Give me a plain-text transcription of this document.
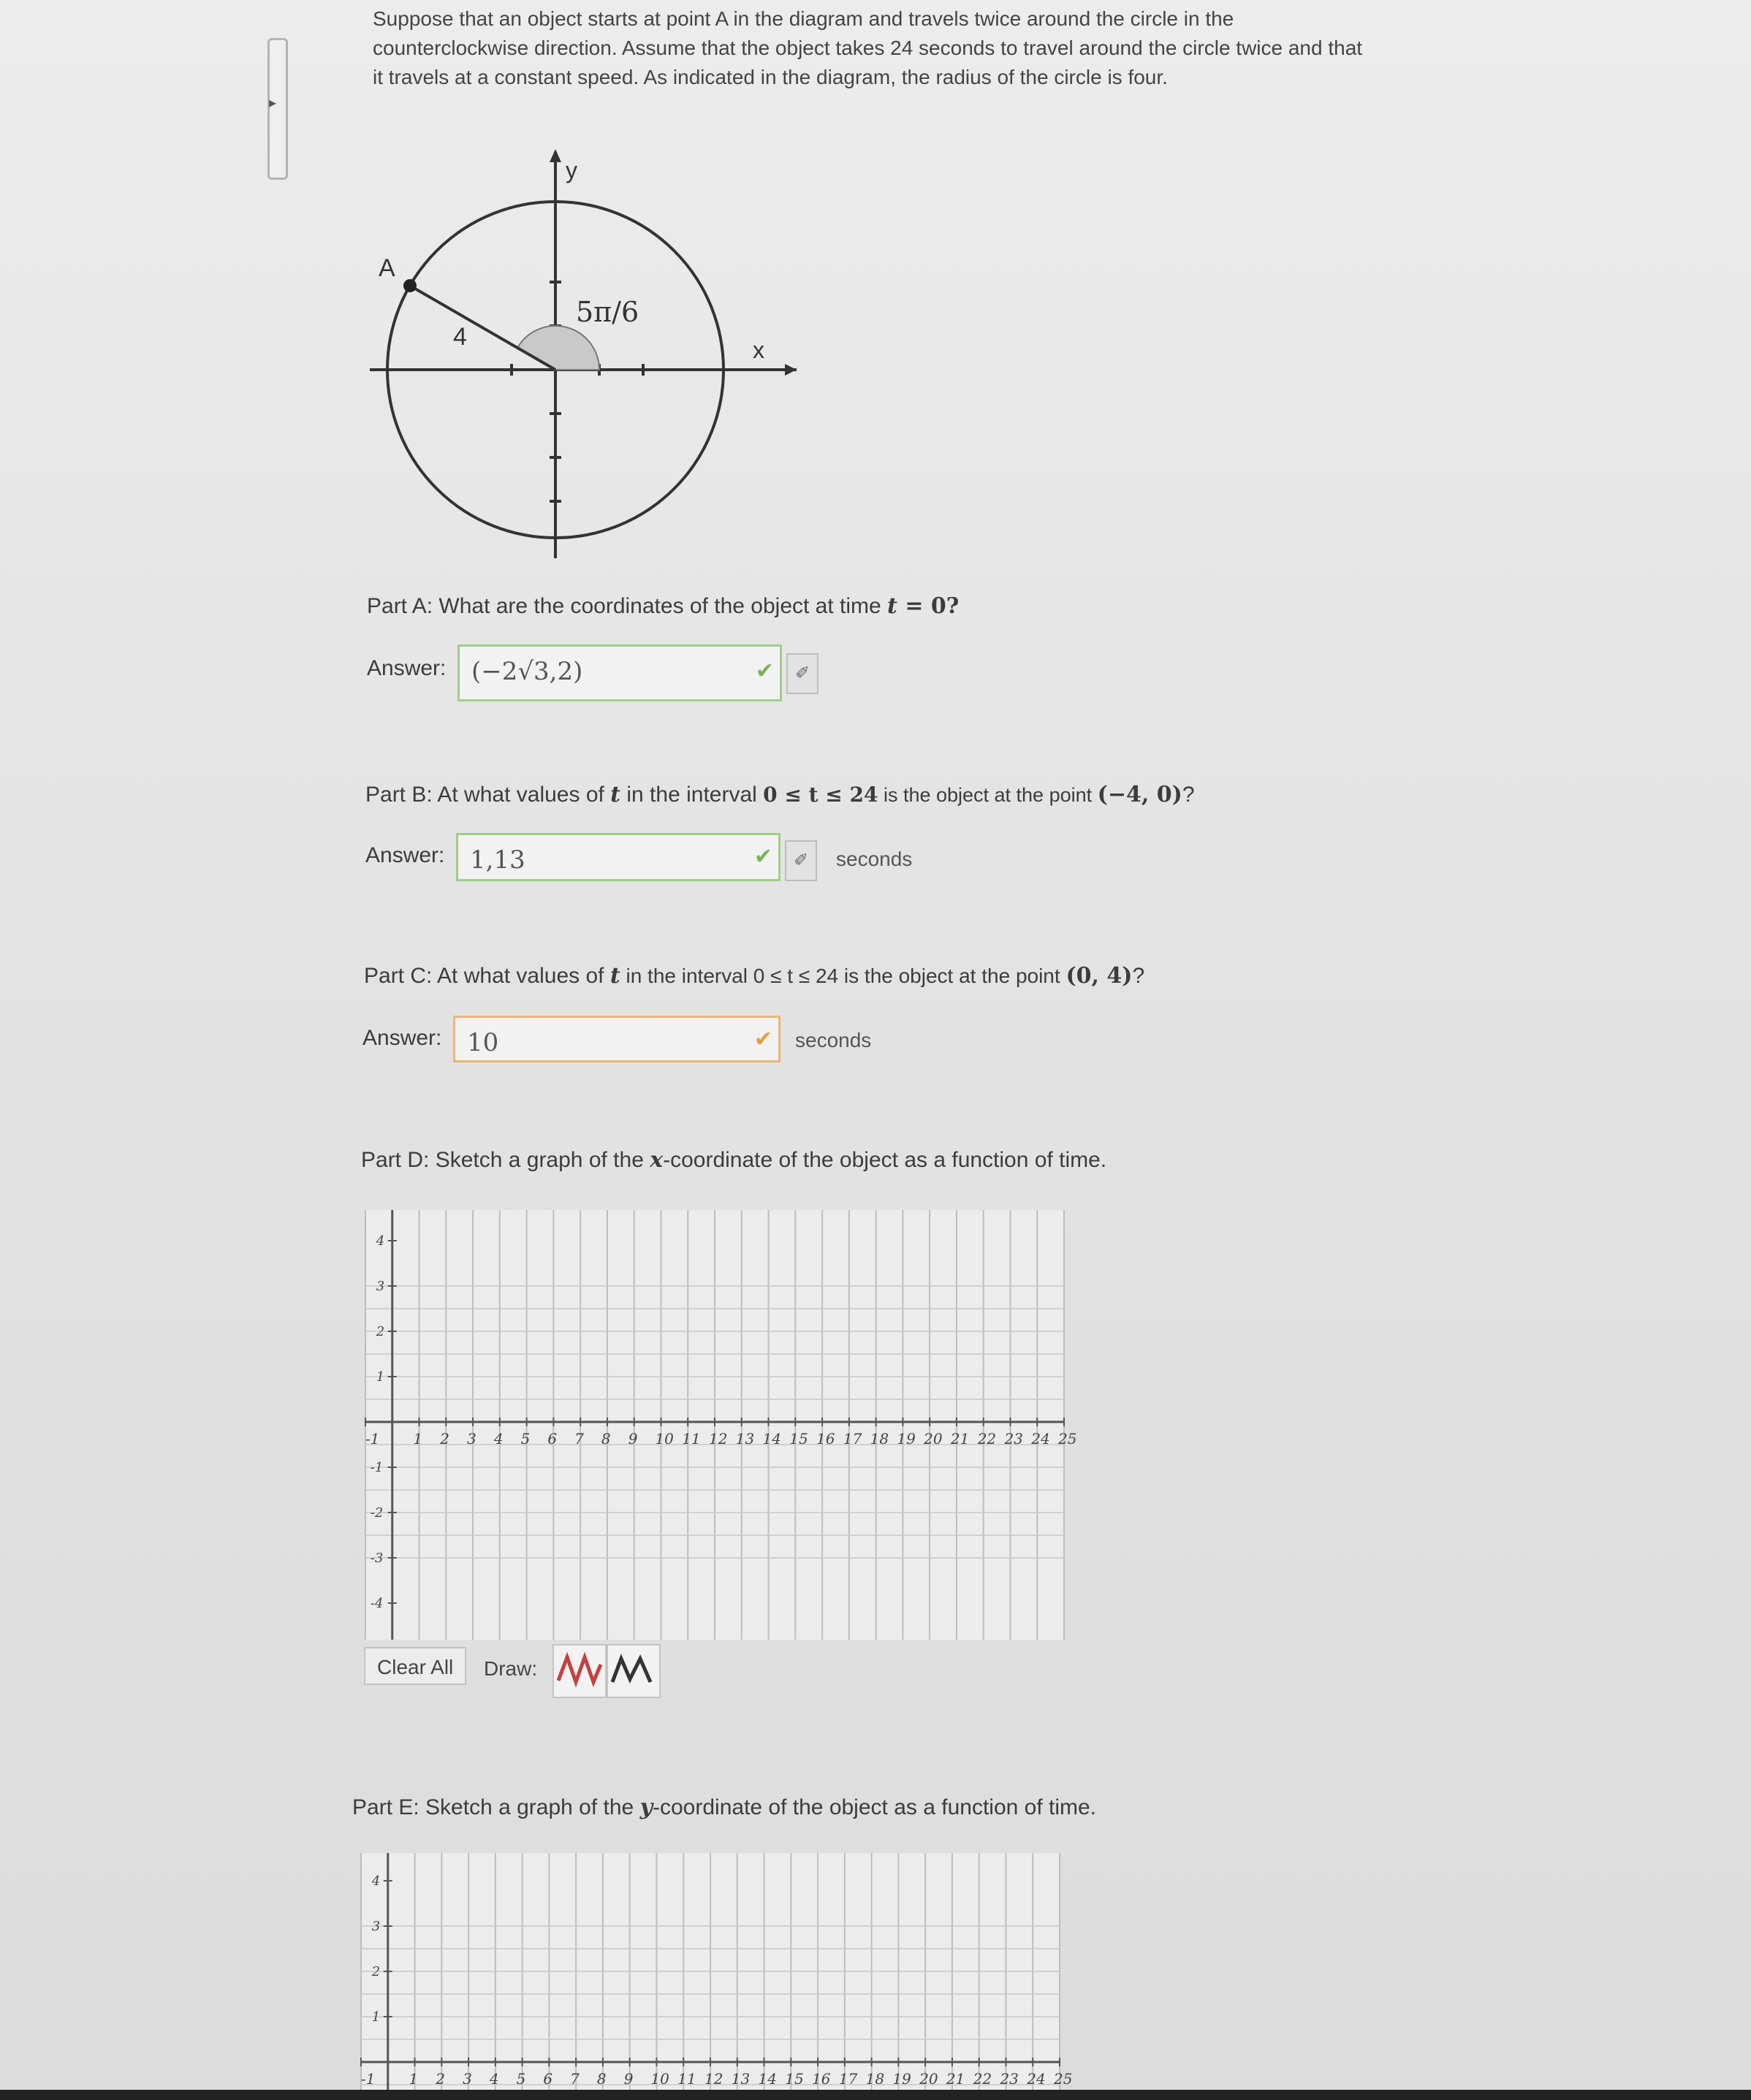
▸
Suppose that an object starts at point A in the diagram and travels twice around the circle in the counterclockwise direction. Assume that the object takes 24 seconds to travel around the circle twice and that it travels at a constant speed. As indicated in the diagram, the radius of the circle is four.
A
4
5π/6
x
y
Part A: What are the coordinates of the object at time t = 0?
Answer:	(−2√3,2)	✔	✐
Part B: At what values of t in the interval 0 ≤ t ≤ 24 is the object at the point (−4, 0)?
Answer:	1,13	✔	✐	seconds
Part C: At what values of t in the interval 0 ≤ t ≤ 24 is the object at the point (0, 4)?
Answer:	10	✔ seconds
Part D: Sketch a graph of the x-coordinate of the object as a function of time.
-1 1 2 3 4 5 6 7 8 9 10 11 12 13 14 15 16 17 18 19 20 21 22 23 24 25
4
3
2
1
-1
-2
-3
-4
Clear All	Draw:
Part E: Sketch a graph of the y-coordinate of the object as a function of time.
-1 1 2 3 4 5 6 7 8 9 10 11 12 13 14 15 16 17 18 19 20 21 22 23 24 25
4
3
2
1
